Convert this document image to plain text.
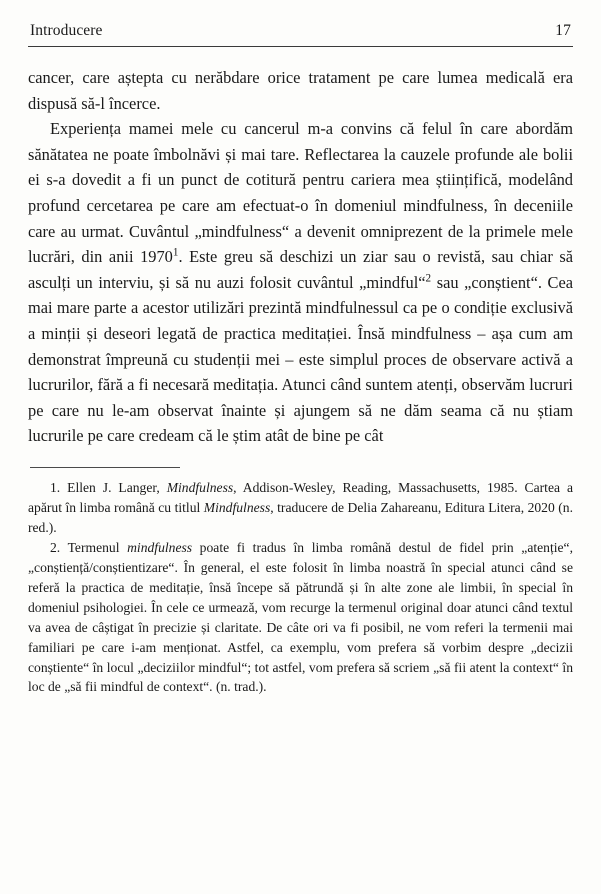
Introducere	17

cancer, care aștepta cu nerăbdare orice tratament pe care lumea medicală era dispusă să-l încerce.

Experiența mamei mele cu cancerul m-a convins că felul în care abordăm sănătatea ne poate îmbolnăvi și mai tare. Reflectarea la cauzele profunde ale bolii ei s-a dovedit a fi un punct de cotitură pentru cariera mea științifică, modelând profund cercetarea pe care am efectuat-o în domeniul mindfulness, în deceniile care au urmat. Cuvântul „mindfulness“ a devenit omniprezent de la primele mele lucrări, din anii 1970$^1$. Este greu să deschizi un ziar sau o revistă, sau chiar să asculți un interviu, și să nu auzi folosit cuvântul „mindful“$^2$ sau „conștient“. Cea mai mare parte a acestor utilizări prezintă mindfulnessul ca pe o condiție exclusivă a minții și deseori legată de practica meditației. Însă mindfulness – așa cum am demonstrat împreună cu studenții mei – este simplul proces de observare activă a lucrurilor, fără a fi necesară meditația. Atunci când suntem atenți, observăm lucruri pe care nu le-am observat înainte și ajungem să ne dăm seama că nu știam lucrurile pe care credeam că le știm atât de bine pe cât

1. Ellen J. Langer, Mindfulness, Addison-Wesley, Reading, Massachusetts, 1985. Cartea a apărut în limba română cu titlul Mindfulness, traducere de Delia Zahareanu, Editura Litera, 2020 (n. red.).

2. Termenul mindfulness poate fi tradus în limba română destul de fidel prin „atenție“, „conștiență/conștientizare“. În general, el este folosit în limba noastră în special atunci când se referă la practica de meditație, însă începe să pătrundă și în alte zone ale limbii, în special în domeniul psihologiei. În cele ce urmează, vom recurge la termenul original doar atunci când textul va avea de câștigat în precizie și claritate. De câte ori va fi posibil, ne vom referi la termenii mai familiari pe care i-am menționat. Astfel, ca exemplu, vom prefera să vorbim despre „decizii conștiente“ în locul „deciziilor mindful“; tot astfel, vom prefera să scriem „să fii atent la context“ în loc de „să fii mindful de context“. (n. trad.).
